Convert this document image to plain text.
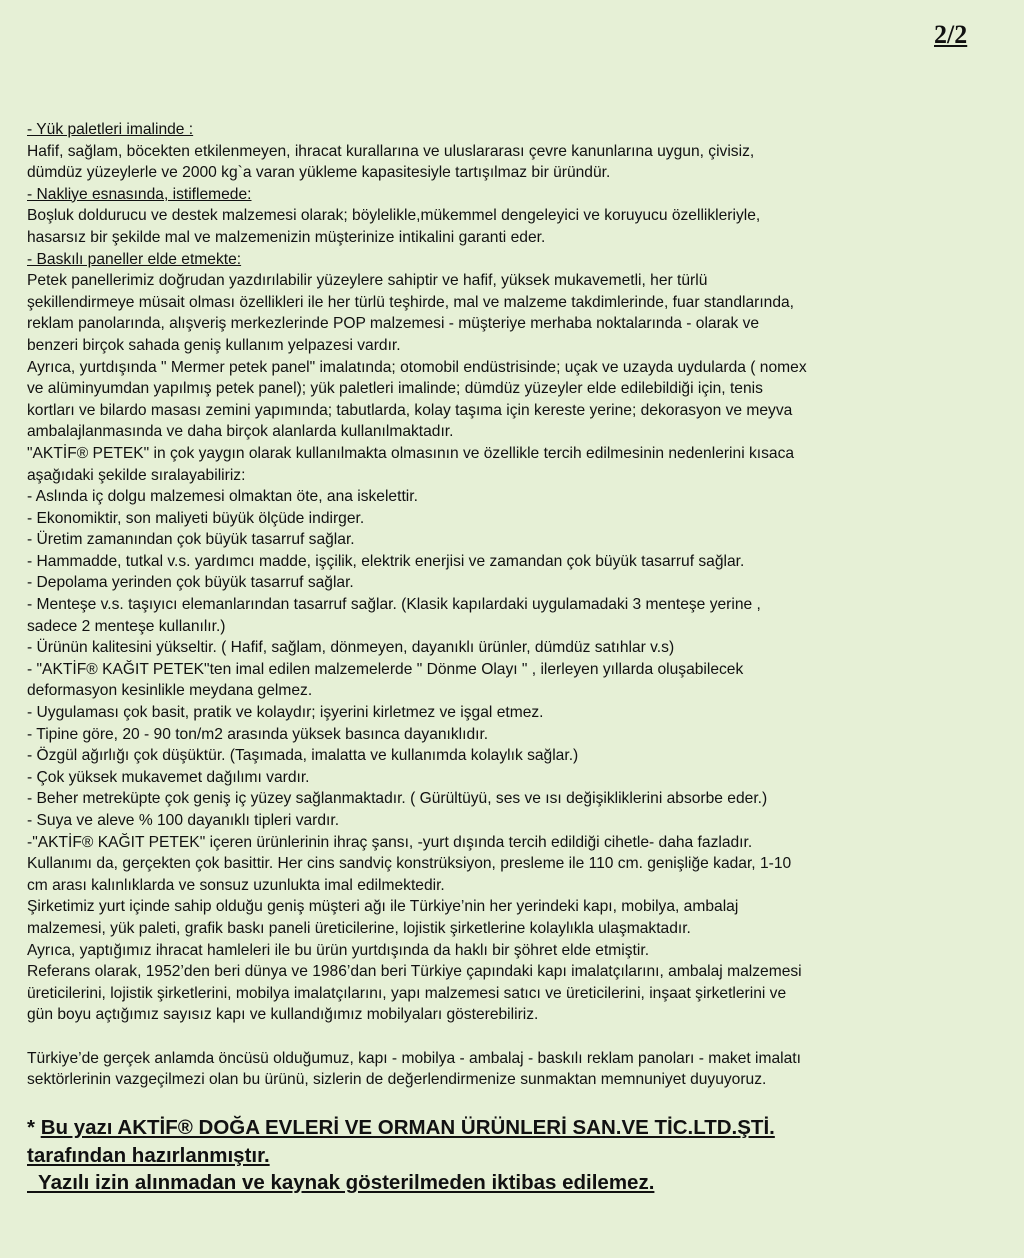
2/2
- Yük paletleri imalinde :
Hafif, sağlam, böcekten etkilenmeyen, ihracat kurallarına ve uluslararası çevre kanunlarına uygun, çivisiz,
dümdüz yüzeylerle ve 2000 kg`a varan yükleme kapasitesiyle tartışılmaz bir üründür.
- Nakliye esnasında, istiflemede:
Boşluk doldurucu ve destek malzemesi olarak; böylelikle,mükemmel dengeleyici ve koruyucu özellikleriyle,
hasarsız bir şekilde mal ve malzemenizin müşterinize intikalini garanti eder.
- Baskılı paneller elde etmekte:
Petek panellerimiz doğrudan yazdırılabilir yüzeylere sahiptir ve hafif, yüksek mukavemetli, her türlü
şekillendirmeye müsait olması özellikleri ile her türlü teşhirde, mal ve malzeme takdimlerinde, fuar standlarında,
reklam panolarında, alışveriş merkezlerinde POP malzemesi - müşteriye merhaba noktalarında - olarak ve
benzeri birçok sahada geniş kullanım yelpazesi vardır.
Ayrıca, yurtdışında " Mermer petek panel" imalatında; otomobil endüstrisinde; uçak ve uzayda uydularda ( nomex
ve alüminyumdan yapılmış petek panel); yük paletleri imalinde; dümdüz yüzeyler elde edilebildiği için, tenis
kortları ve bilardo masası zemini yapımında; tabutlarda, kolay taşıma için kereste yerine; dekorasyon ve meyva
ambalajlanmasında ve daha birçok alanlarda kullanılmaktadır.
"AKTİF® PETEK" in çok yaygın olarak kullanılmakta olmasının ve özellikle tercih edilmesinin nedenlerini kısaca
aşağıdaki şekilde sıralayabiliriz:
- Aslında iç dolgu malzemesi olmaktan öte, ana iskelettir.
- Ekonomiktir, son maliyeti büyük ölçüde indirger.
- Üretim zamanından çok büyük tasarruf sağlar.
- Hammadde, tutkal v.s. yardımcı madde, işçilik, elektrik enerjisi ve zamandan çok büyük tasarruf sağlar.
- Depolama yerinden çok büyük tasarruf sağlar.
- Menteşe v.s. taşıyıcı elemanlarından tasarruf sağlar. (Klasik kapılardaki uygulamadaki 3 menteşe yerine ,
sadece 2 menteşe kullanılır.)
- Ürünün kalitesini yükseltir. ( Hafif, sağlam, dönmeyen, dayanıklı ürünler, dümdüz satıhlar v.s)
- "AKTİF® KAĞIT PETEK"ten imal edilen malzemelerde " Dönme Olayı " , ilerleyen yıllarda oluşabilecek
deformasyon kesinlikle meydana gelmez.
- Uygulaması çok basit, pratik ve kolaydır; işyerini kirletmez ve işgal etmez.
- Tipine göre, 20 - 90 ton/m2 arasında yüksek basınca dayanıklıdır.
- Özgül ağırlığı çok düşüktür. (Taşımada, imalatta ve kullanımda kolaylık sağlar.)
- Çok yüksek mukavemet dağılımı vardır.
- Beher metreküpte çok geniş iç yüzey sağlanmaktadır. ( Gürültüyü, ses ve ısı değişikliklerini absorbe eder.)
- Suya ve aleve % 100 dayanıklı tipleri vardır.
-"AKTİF® KAĞIT PETEK" içeren ürünlerinin ihraç şansı, -yurt dışında tercih edildiği cihetle- daha fazladır.
Kullanımı da, gerçekten çok basittir. Her cins sandviç konstrüksiyon, presleme ile 110 cm. genişliğe kadar, 1-10
cm arası kalınlıklarda ve sonsuz uzunlukta imal edilmektedir.
Şirketimiz yurt içinde sahip olduğu geniş müşteri ağı ile Türkiye’nin her yerindeki kapı, mobilya, ambalaj
malzemesi, yük paleti, grafik baskı paneli üreticilerine, lojistik şirketlerine kolaylıkla ulaşmaktadır.
Ayrıca, yaptığımız ihracat hamleleri ile bu ürün yurtdışında da haklı bir şöhret elde etmiştir.
Referans olarak, 1952’den beri dünya ve 1986’dan beri Türkiye çapındaki kapı imalatçılarını, ambalaj malzemesi
üreticilerini, lojistik şirketlerini, mobilya imalatçılarını, yapı malzemesi satıcı ve üreticilerini, inşaat şirketlerini ve
gün boyu açtığımız sayısız kapı ve kullandığımız mobilyaları gösterebiliriz.
Türkiye’de gerçek anlamda öncüsü olduğumuz, kapı - mobilya - ambalaj - baskılı reklam panoları - maket imalatı
sektörlerinin vazgeçilmezi olan bu ürünü, sizlerin de değerlendirmenize sunmaktan memnuniyet duyuyoruz.
* Bu yazı AKTİF® DOĞA EVLERİ VE ORMAN ÜRÜNLERİ SAN.VE TİC.LTD.ŞTİ.
tarafından hazırlanmıştır.
Yazılı izin alınmadan ve kaynak gösterilmeden iktibas edilemez.
